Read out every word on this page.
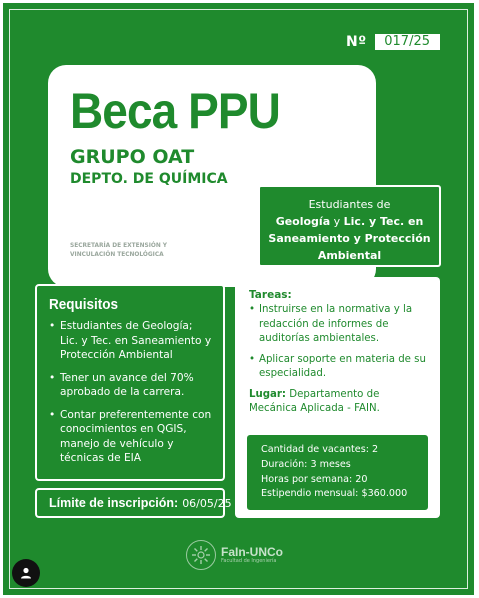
Nº	017/25
Beca PPU
GRUPO OAT
DEPTO. DE QUÍMICA
SECRETARÍA DE EXTENSIÓN Y
VINCULACIÓN TECNOLÓGICA
Estudiantes de
Geología y Lic. y Tec. en
Saneamiento y Protección
Ambiental
Requisitos
• Estudiantes de Geología; Lic. y Tec. en Saneamiento y Protección Ambiental
• Tener un avance del 70% aprobado de la carrera.
• Contar preferentemente con conocimientos en QGIS, manejo de vehículo y técnicas de EIA
Límite de inscripción: 06/05/25
Tareas:
• Instruirse en la normativa y la redacción de informes de auditorías ambientales.
• Aplicar soporte en materia de su especialidad.
Lugar: Departamento de Mecánica Aplicada - FAIN.
Cantidad de vacantes: 2
Duración: 3 meses
Horas por semana: 20
Estipendio mensual: $360.000
FaIn-UNCo
Facultad de Ingeniería
